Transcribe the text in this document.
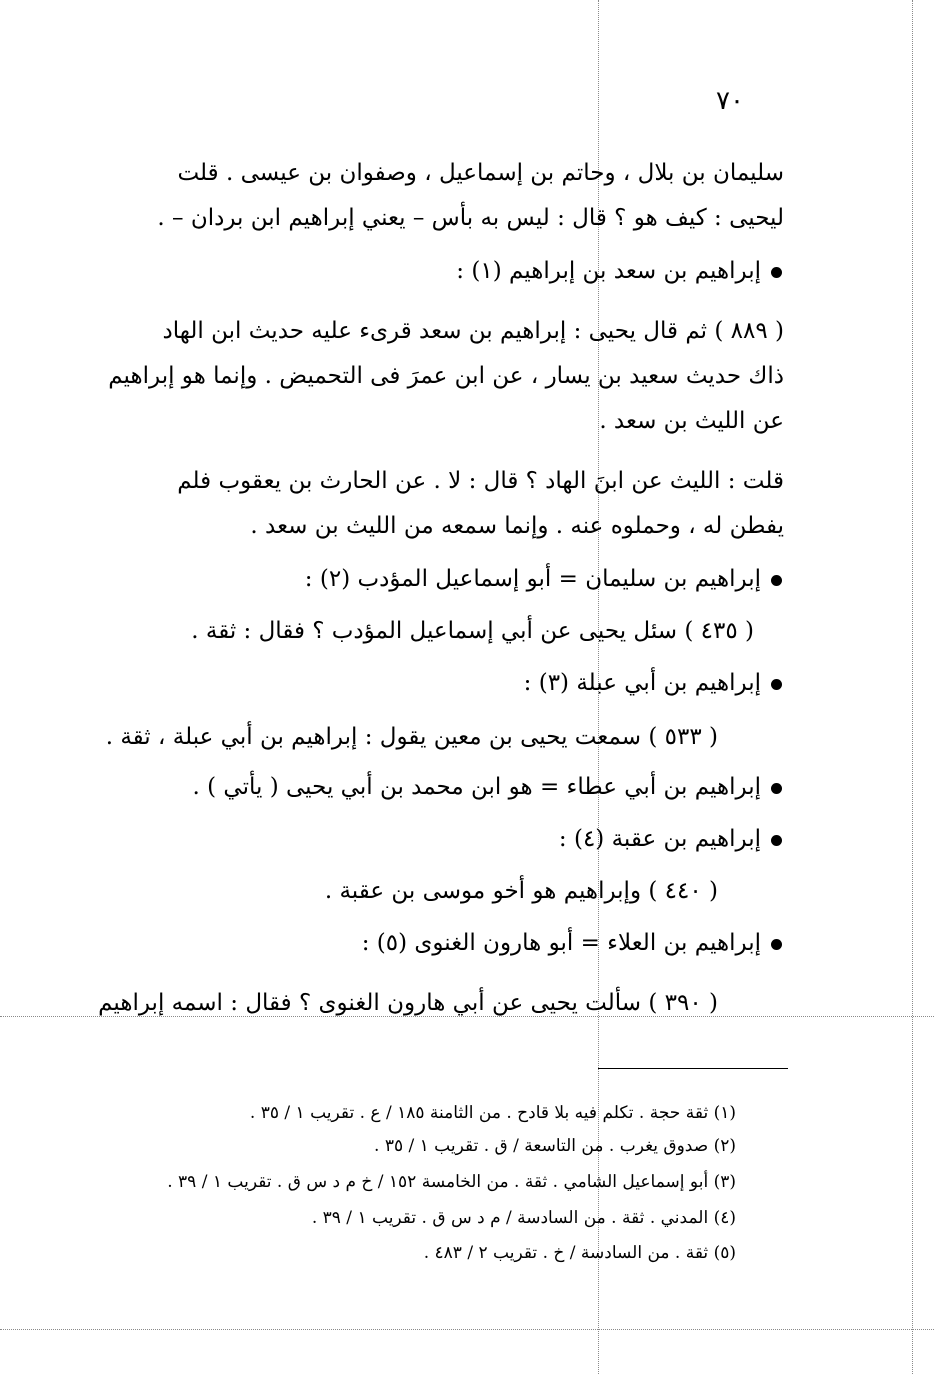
٧٠
سليمان بن بلال ، وحاتم بن إسماعيل ، وصفوان بن عيسى . قلت
ليحيى : كيف هو ؟ قال : ليس به بأس – يعني إبراهيم ابن بردان – .
إبراهيم بن سعد بن إبراهيم (١) :
( ٨٨٩ ) ثم قال يحيى : إبراهيم بن سعد قرىء عليه حديث ابن الهاد
ذاك حديث سعيد بن يسار ، عن ابن عمرَ فى التحميض . وإنما هو إبراهيم
عن الليث بن سعد .
قلت : الليث عن ابنَ الهاد ؟ قال : لا . عن الحارث بن يعقوب فلم
يفطن له ، وحملوه عنه . وإنما سمعه من الليث بن سعد .
إبراهيم بن سليمان = أبو إسماعيل المؤدب (٢) :
( ٤٣٥ ) سئل يحيى عن أبي إسماعيل المؤدب ؟ فقال : ثقة .
إبراهيم بن أبي عبلة (٣) :
( ٥٣٣ ) سمعت يحيى بن معين يقول : إبراهيم بن أبي عبلة ، ثقة .
إبراهيم بن أبي عطاء = هو ابن محمد بن أبي يحيى ( يأتي ) .
إبراهيم بن عقبة (٤) :
( ٤٤٠ ) وإبراهيم هو أخو موسى بن عقبة .
إبراهيم بن العلاء = أبو هارون الغنوى (٥) :
( ٣٩٠ ) سألت يحيى عن أبي هارون الغنوى ؟ فقال : اسمه إبراهيم
(١) ثقة حجة . تكلم فيه بلا قادح . من الثامنة ١٨٥ / ع . تقريب ١ / ٣٥ .
(٢) صدوق يغرب . من التاسعة / ق . تقريب ١ / ٣٥ .
(٣) أبو إسماعيل الشامي . ثقة . من الخامسة ١٥٢ / خ م د س ق . تقريب ١ / ٣٩ .
(٤) المدني . ثقة . من السادسة / م د س ق . تقريب ١ / ٣٩ .
(٥) ثقة . من السادسة / خ . تقريب ٢ / ٤٨٣ .
